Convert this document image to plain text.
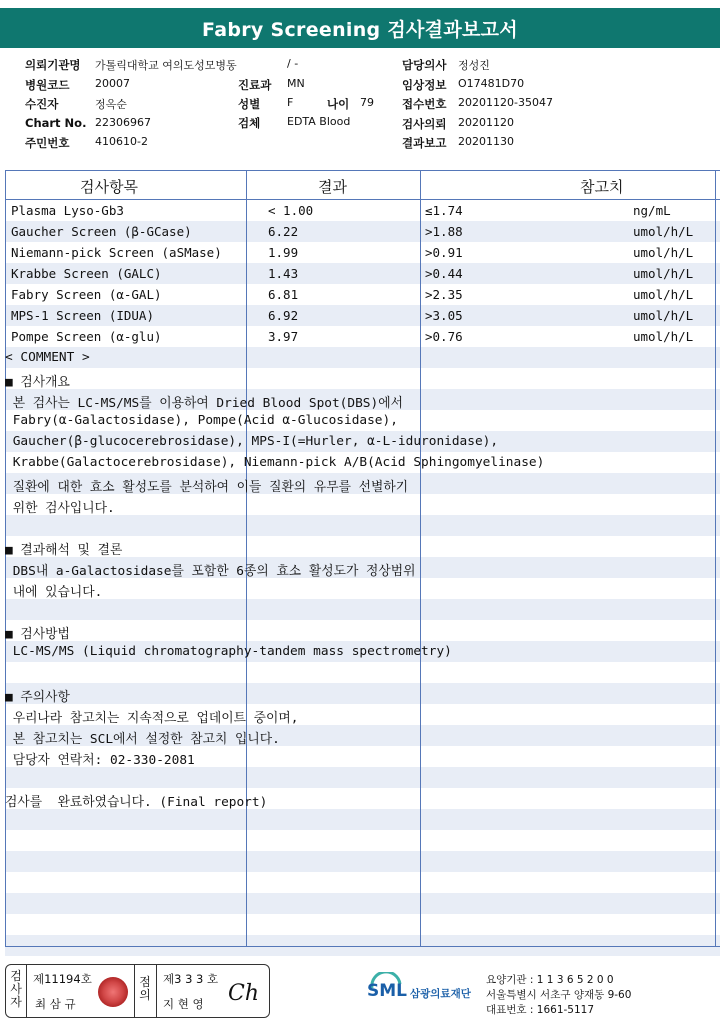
Fabry Screening 검사결과보고서
의뢰기관명 가톨릭대학교 여의도성모병동	/ -
병원코드 20007	진료과 MN
수진자	정옥순	성별 F	나이 79
Chart No. 22306967	검체 EDTA Blood
주민번호 410610-2
담당의사 정성진
임상정보 O17481D70
접수번호 20201120-35047
검사의뢰 20201120
결과보고 20201130
검사항목	결과	참고치
Plasma Lyso-Gb3	< 1.00	≤1.74	ng/mL
Gaucher Screen (β-GCase)	6.22	>1.88	umol/h/L
Niemann-pick Screen (aSMase)	1.99	>0.91	umol/h/L
Krabbe Screen (GALC)	1.43	>0.44	umol/h/L
Fabry Screen (α-GAL)	6.81	>2.35	umol/h/L
MPS-1 Screen (IDUA)	6.92	>3.05	umol/h/L
Pompe Screen (α-glu)	3.97	>0.76	umol/h/L
< COMMENT >
■ 검사개요
본 검사는 LC-MS/MS를 이용하여 Dried Blood Spot(DBS)에서
Fabry(α-Galactosidase), Pompe(Acid α-Glucosidase),
Gaucher(β-glucocerebrosidase), MPS-I(=Hurler, α-L-iduronidase),
Krabbe(Galactocerebrosidase), Niemann-pick A/B(Acid Sphingomyelinase)
질환에 대한 효소 활성도를 분석하여 이들 질환의 유무를 선별하기
위한 검사입니다.
■ 결과해석 및 결론
DBS내 a-Galactosidase를 포함한 6종의 효소 활성도가 정상범위
내에 있습니다.
■ 검사방법
LC-MS/MS (Liquid chromatography-tandem mass spectrometry)
■ 주의사항
우리나라 참고치는 지속적으로 업데이트 중이며,
본 참고치는 SCL에서 설정한 참고치 입니다.
담당자 연락처: 02-330-2081
검사를  완료하였습니다. (Final report)
검사자
제11194호
최 삼 규
점의
제3 3 3 호
지 현 영 Ch	SML 삼광의료재단
요양기관 : 1 1 3 6 5 2 0 0
서울특별시 서초구 양재동 9-60
대표번호 : 1661-5117
